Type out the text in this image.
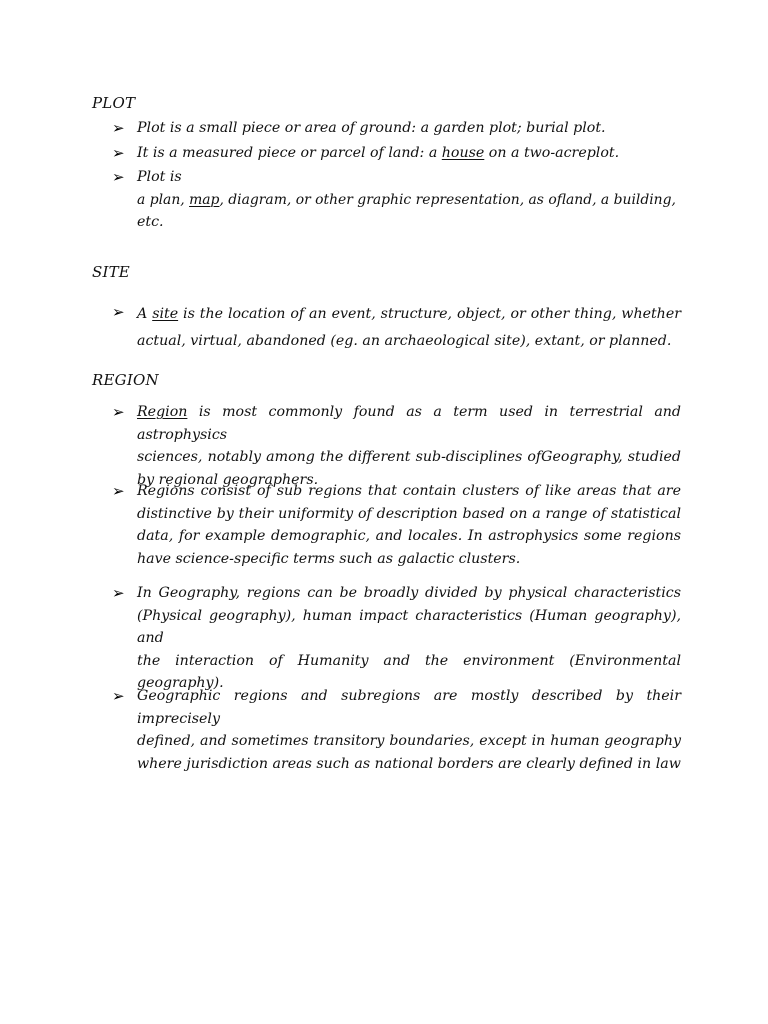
PLOT
➢ Plot is a small piece or area of ground: a garden plot; burial plot.
➢ It is a measured piece or parcel of land: a house on a two-acreplot.
➢ Plot is
a plan, map, diagram, or other graphic representation, as ofland, a building,
etc.
SITE
➢ A site is the location of an event, structure, object, or other thing, whether
actual, virtual, abandoned (eg. an archaeological site), extant, or planned.
REGION
➢ Region is most commonly found as a term used in terrestrial and astrophysics
sciences, notably among the different sub-disciplines ofGeography, studied
by regional geographers.
➢ Regions consist of sub regions that contain clusters of like areas that are
distinctive by their uniformity of description based on a range of statistical
data, for example demographic, and locales. In astrophysics some regions
have science-specific terms such as galactic clusters.
➢ In Geography, regions can be broadly divided by physical characteristics
(Physical geography), human impact characteristics (Human geography), and
the interaction of Humanity and the environment (Environmental
geography).
➢ Geographic regions and subregions are mostly described by their imprecisely
defined, and sometimes transitory boundaries, except in human geography
where jurisdiction areas such as national borders are clearly defined in law
